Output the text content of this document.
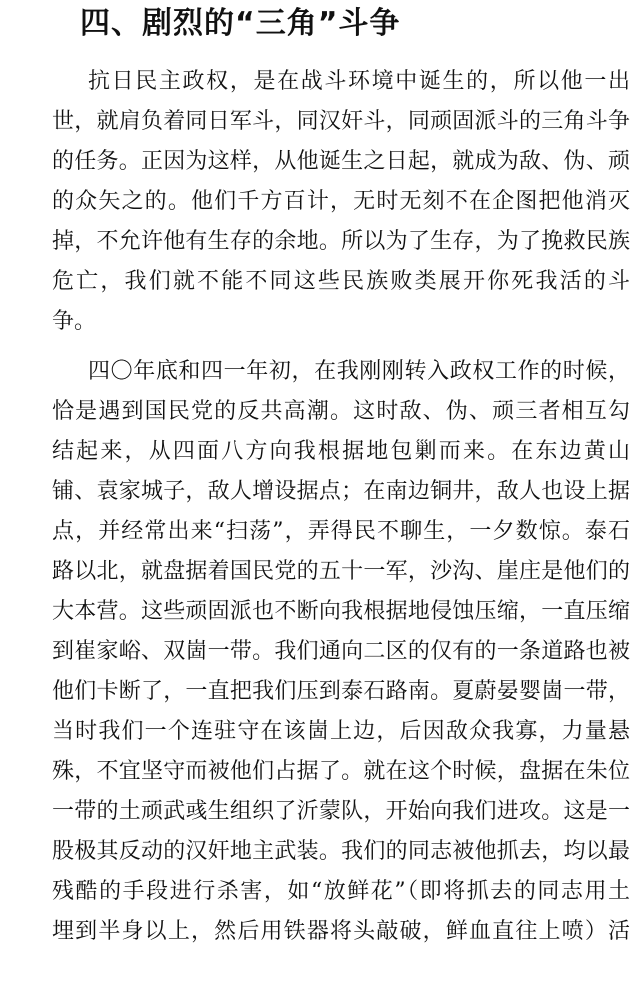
四、剧烈的“三角”斗争
抗日民主政权，是在战斗环境中诞生的，所以他一出
世，就肩负着同日军斗，同汉奸斗，同顽固派斗的三角斗争
的任务。正因为这样，从他诞生之日起，就成为敌、伪、顽
的众矢之的。他们千方百计，无时无刻不在企图把他消灭
掉，不允许他有生存的余地。所以为了生存，为了挽救民族
危亡，我们就不能不同这些民族败类展开你死我活的斗
争。
四〇年底和四一年初，在我刚刚转入政权工作的时候，
恰是遇到国民党的反共高潮。这时敌、伪、顽三者相互勾
结起来，从四面八方向我根据地包剿而来。在东边黄山
铺、袁家城子，敌人增设据点；在南边铜井，敌人也设上据
点，并经常出来“扫荡”，弄得民不聊生，一夕数惊。泰石
路以北，就盘据着国民党的五十一军，沙沟、崖庄是他们的
大本营。这些顽固派也不断向我根据地侵蚀压缩，一直压缩
到崔家峪、双崮一带。我们通向二区的仅有的一条道路也被
他们卡断了，一直把我们压到泰石路南。夏蔚晏婴崮一带，
当时我们一个连驻守在该崮上边，后因敌众我寡，力量悬
殊，不宜坚守而被他们占据了。就在这个时候，盘据在朱位
一带的土顽武彧生组织了沂蒙队，开始向我们进攻。这是一
股极其反动的汉奸地主武装。我们的同志被他抓去，均以最
残酷的手段进行杀害，如“放鲜花”（即将抓去的同志用土
埋到半身以上，然后用铁器将头敲破，鲜血直往上喷）活
